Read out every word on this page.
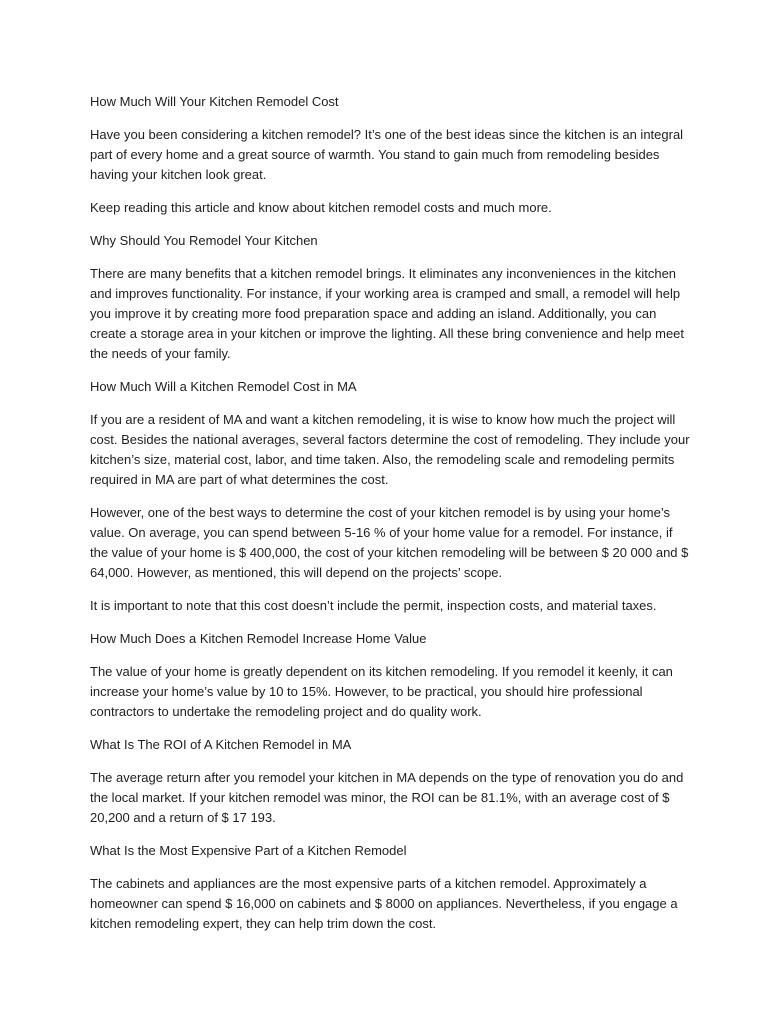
How Much Will Your Kitchen Remodel Cost

Have you been considering a kitchen remodel? It’s one of the best ideas since the kitchen is an integral part of every home and a great source of warmth. You stand to gain much from remodeling besides having your kitchen look great.

Keep reading this article and know about kitchen remodel costs and much more.

Why Should You Remodel Your Kitchen

There are many benefits that a kitchen remodel brings. It eliminates any inconveniences in the kitchen and improves functionality. For instance, if your working area is cramped and small, a remodel will help you improve it by creating more food preparation space and adding an island. Additionally, you can create a storage area in your kitchen or improve the lighting. All these bring convenience and help meet the needs of your family.

How Much Will a Kitchen Remodel Cost in MA

If you are a resident of MA and want a kitchen remodeling, it is wise to know how much the project will cost. Besides the national averages, several factors determine the cost of remodeling. They include your kitchen’s size, material cost, labor, and time taken. Also, the remodeling scale and remodeling permits required in MA are part of what determines the cost.

However, one of the best ways to determine the cost of your kitchen remodel is by using your home’s value. On average, you can spend between 5-16 % of your home value for a remodel. For instance, if the value of your home is $ 400,000, the cost of your kitchen remodeling will be between $ 20 000 and $ 64,000. However, as mentioned, this will depend on the projects’ scope.

It is important to note that this cost doesn’t include the permit, inspection costs, and material taxes.

How Much Does a Kitchen Remodel Increase Home Value

The value of your home is greatly dependent on its kitchen remodeling. If you remodel it keenly, it can increase your home’s value by 10 to 15%. However, to be practical, you should hire professional contractors to undertake the remodeling project and do quality work.

What Is The ROI of A Kitchen Remodel in MA

The average return after you remodel your kitchen in MA depends on the type of renovation you do and the local market. If your kitchen remodel was minor, the ROI can be 81.1%, with an average cost of $ 20,200 and a return of $ 17 193.

What Is the Most Expensive Part of a Kitchen Remodel

The cabinets and appliances are the most expensive parts of a kitchen remodel. Approximately a homeowner can spend $ 16,000 on cabinets and $ 8000 on appliances. Nevertheless, if you engage a kitchen remodeling expert, they can help trim down the cost.
